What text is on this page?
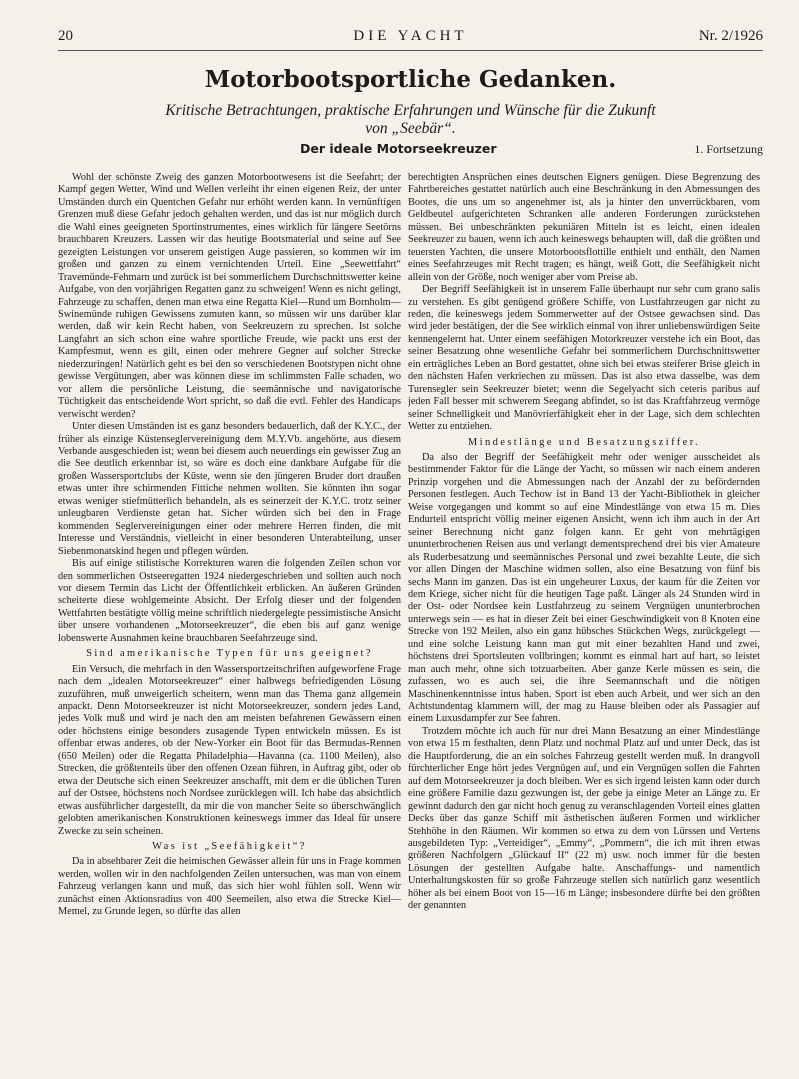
20	DIE YACHT	Nr. 2/1926
Motorbootsportliche Gedanken.
Kritische Betrachtungen, praktische Erfahrungen und Wünsche für die Zukunft
von „Seebär“.
Der ideale Motorseekreuzer	1. Fortsetzung

Wohl der schönste Zweig des ganzen Motorbootwesens ist die Seefahrt; der Kampf gegen Wetter, Wind und Wellen verleiht ihr einen eigenen Reiz, der unter Umständen durch ein Quentchen Gefahr nur erhöht werden kann. In vernünftigen Grenzen muß diese Gefahr jedoch gehalten werden, und das ist nur möglich durch die Wahl eines geeigneten Sportinstrumentes, eines wirklich für längere Seetörns brauchbaren Kreuzers. Lassen wir das heutige Bootsmaterial und seine auf See gezeigten Leistungen vor unserem geistigen Auge passieren, so kommen wir im großen und ganzen zu einem vernichtenden Urteil. Eine „Seewettfahrt“ Travemünde-Fehmarn und zurück ist bei sommerlichem Durchschnittswetter keine Aufgabe, von den vorjährigen Regatten ganz zu schweigen! Wenn es nicht gelingt, Fahrzeuge zu schaffen, denen man etwa eine Regatta Kiel—Rund um Bornholm—Swinemünde ruhigen Gewissens zumuten kann, so müssen wir uns darüber klar werden, daß wir kein Recht haben, von Seekreuzern zu sprechen. Ist solche Langfahrt an sich schon eine wahre sportliche Freude, wie packt uns erst der Kampfesmut, wenn es gilt, einen oder mehrere Gegner auf solcher Strecke niederzuringen! Natürlich geht es bei den so verschiedenen Bootstypen nicht ohne gewisse Vergütungen, aber was können diese im schlimmsten Falle schaden, wo vor allem die persönliche Leistung, die seemännische und navigatorische Tüchtigkeit das entscheidende Wort spricht, so daß die evtl. Fehler des Handicaps verwischt werden?

Unter diesen Umständen ist es ganz besonders bedauerlich, daß der K.Y.C., der früher als einzige Küstenseglervereinigung dem M.Y.Vb. angehörte, aus diesem Verbande ausgeschieden ist; wenn bei diesem auch neuerdings ein gewisser Zug an die See deutlich erkennbar ist, so wäre es doch eine dankbare Aufgabe für die großen Wassersportclubs der Küste, wenn sie den jüngeren Bruder dort draußen etwas unter ihre schirmenden Fittiche nehmen wollten. Sie könnten ihn sogar etwas weniger stiefmütterlich behandeln, als es seinerzeit der K.Y.C. trotz seiner unleugbaren Verdienste getan hat. Sicher würden sich bei den in Frage kommenden Seglervereinigungen einer oder mehrere Herren finden, die mit Interesse und Verständnis, vielleicht in einer besonderen Unterabteilung, unser Siebenmonatskind hegen und pflegen würden.

Bis auf einige stilistische Korrekturen waren die folgenden Zeilen schon vor den sommerlichen Ostseeregatten 1924 niedergeschrieben und sollten auch noch vor diesem Termin das Licht der Öffentlichkeit erblicken. An äußeren Gründen scheiterte diese wohlgemeinte Absicht. Der Erfolg dieser und der folgenden Wettfahrten bestätigte völlig meine schriftlich niedergelegte pessimistische Ansicht über unsere vorhandenen „Motorseekreuzer“, die eben bis auf ganz wenige lobenswerte Ausnahmen keine brauchbaren Seefahrzeuge sind.

Sind amerikanische Typen für uns geeignet?

Ein Versuch, die mehrfach in den Wassersportzeitschriften aufgeworfene Frage nach dem „idealen Motorseekreuzer“ einer halbwegs befriedigenden Lösung zuzuführen, muß unweigerlich scheitern, wenn man das Thema ganz allgemein anpackt. Denn Motorseekreuzer ist nicht Motorseekreuzer, sondern jedes Land, jedes Volk muß und wird je nach den am meisten befahrenen Gewässern einen oder höchstens einige besonders zusagende Typen entwickeln müssen. Es ist offenbar etwas anderes, ob der New-Yorker ein Boot für das Bermudas-Rennen (650 Meilen) oder die Regatta Philadelphia—Havanna (ca. 1100 Meilen), also Strecken, die größtenteils über den offenen Ozean führen, in Auftrag gibt, oder ob etwa der Deutsche sich einen Seekreuzer anschafft, mit dem er die üblichen Turen auf der Ostsee, höchstens noch Nordsee zurücklegen will. Ich habe das absichtlich etwas ausführlicher dargestellt, da mir die von mancher Seite so überschwänglich gelobten amerikanischen Konstruktionen keineswegs immer das Ideal für unsere Zwecke zu sein scheinen.

Was ist „Seefähigkeit“?

Da in absehbarer Zeit die heimischen Gewässer allein für uns in Frage kommen werden, wollen wir in den nachfolgenden Zeilen untersuchen, was man von einem Fahrzeug verlangen kann und muß, das sich hier wohl fühlen soll. Wenn wir zunächst einen Aktionsradius von 400 Seemeilen, also etwa die Strecke Kiel—Memel, zu Grunde legen, so dürfte das allen

berechtigten Ansprüchen eines deutschen Eigners genügen. Diese Begrenzung des Fahrtbereiches gestattet natürlich auch eine Beschränkung in den Abmessungen des Bootes, die uns um so angenehmer ist, als ja hinter den unverrückbaren, vom Geldbeutel aufgerichteten Schranken alle anderen Forderungen zurückstehen müssen. Bei unbeschränkten pekuniären Mitteln ist es leicht, einen idealen Seekreuzer zu bauen, wenn ich auch keineswegs behaupten will, daß die größten und teuersten Yachten, die unsere Motorbootsflottille enthielt und enthält, den Namen eines Seefahrzeuges mit Recht tragen; es hängt, weiß Gott, die Seefähigkeit nicht allein von der Größe, noch weniger aber vom Preise ab.

Der Begriff Seefähigkeit ist in unserem Falle überhaupt nur sehr cum grano salis zu verstehen. Es gibt genügend größere Schiffe, von Lustfahrzeugen gar nicht zu reden, die keineswegs jedem Sommerwetter auf der Ostsee gewachsen sind. Das wird jeder bestätigen, der die See wirklich einmal von ihrer unliebenswürdigen Seite kennengelernt hat. Unter einem seefähigen Motorkreuzer verstehe ich ein Boot, das seiner Besatzung ohne wesentliche Gefahr bei sommerlichem Durchschnittswetter ein erträgliches Leben an Bord gestattet, ohne sich bei etwas steiferer Brise gleich in den nächsten Hafen verkriechen zu müssen. Das ist also etwa dasselbe, was dem Turensegler sein Seekreuzer bietet; wenn die Segelyacht sich ceteris paribus auf jeden Fall besser mit schwerem Seegang abfindet, so ist das Kraftfahrzeug vermöge seiner Schnelligkeit und Manövrierfähigkeit eher in der Lage, sich dem schlechten Wetter zu entziehen.

Mindestlänge und Besatzungsziffer.

Da also der Begriff der Seefähigkeit mehr oder weniger ausscheidet als bestimmender Faktor für die Länge der Yacht, so müssen wir nach einem anderen Prinzip vorgehen und die Abmessungen nach der Anzahl der zu befördernden Personen festlegen. Auch Techow ist in Band 13 der Yacht-Bibliothek in gleicher Weise vorgegangen und kommt so auf eine Mindestlänge von etwa 15 m. Dies Endurteil entspricht völlig meiner eigenen Ansicht, wenn ich ihm auch in der Art seiner Berechnung nicht ganz folgen kann. Er geht von mehrtägigen ununterbrochenen Reisen aus und verlangt dementsprechend drei bis vier Amateure als Ruderbesatzung und seemännisches Personal und zwei bezahlte Leute, die sich vor allen Dingen der Maschine widmen sollen, also eine Besatzung von fünf bis sechs Mann im ganzen. Das ist ein ungeheurer Luxus, der kaum für die Zeiten vor dem Kriege, sicher nicht für die heutigen Tage paßt. Länger als 24 Stunden wird in der Ost- oder Nordsee kein Lustfahrzeug zu seinem Vergnügen ununterbrochen unterwegs sein — es hat in dieser Zeit bei einer Geschwindigkeit von 8 Knoten eine Strecke von 192 Meilen, also ein ganz hübsches Stückchen Wegs, zurückgelegt — und eine solche Leistung kann man gut mit einer bezahlten Hand und zwei, höchstens drei Sportsleuten vollbringen; kommt es einmal hart auf hart, so leistet man auch mehr, ohne sich totzuarbeiten. Aber ganze Kerle müssen es sein, die zufassen, wo es auch sei, die ihre Seemannschaft und die nötigen Maschinenkenntnisse intus haben. Sport ist eben auch Arbeit, und wer sich an den Achtstundentag klammern will, der mag zu Hause bleiben oder als Passagier auf einem Luxusdampfer zur See fahren.

Trotzdem möchte ich auch für nur drei Mann Besatzung an einer Mindestlänge von etwa 15 m festhalten, denn Platz und nochmal Platz auf und unter Deck, das ist die Hauptforderung, die an ein solches Fahrzeug gestellt werden muß. In drangvoll fürchterlicher Enge hört jedes Vergnügen auf, und ein Vergnügen sollen die Fahrten auf dem Motorseekreuzer ja doch bleiben. Wer es sich irgend leisten kann oder durch eine größere Familie dazu gezwungen ist, der gebe ja einige Meter an Länge zu. Er gewinnt dadurch den gar nicht hoch genug zu veranschlagenden Vorteil eines glatten Decks über das ganze Schiff mit ästhetischen äußeren Formen und wirklicher Stehhöhe in den Räumen. Wir kommen so etwa zu dem von Lürssen und Vertens ausgebildeten Typ: „Verteidiger“, „Emmy“, „Pommern“, die ich mit ihren etwas größeren Nachfolgern „Glückauf II“ (22 m) usw. noch immer für die besten Lösungen der gestellten Aufgabe halte. Anschaffungs- und namentlich Unterhaltungskosten für so große Fahrzeuge stellen sich natürlich ganz wesentlich höher als bei einem Boot von 15—16 m Länge; insbesondere dürfte bei den größten der genannten
